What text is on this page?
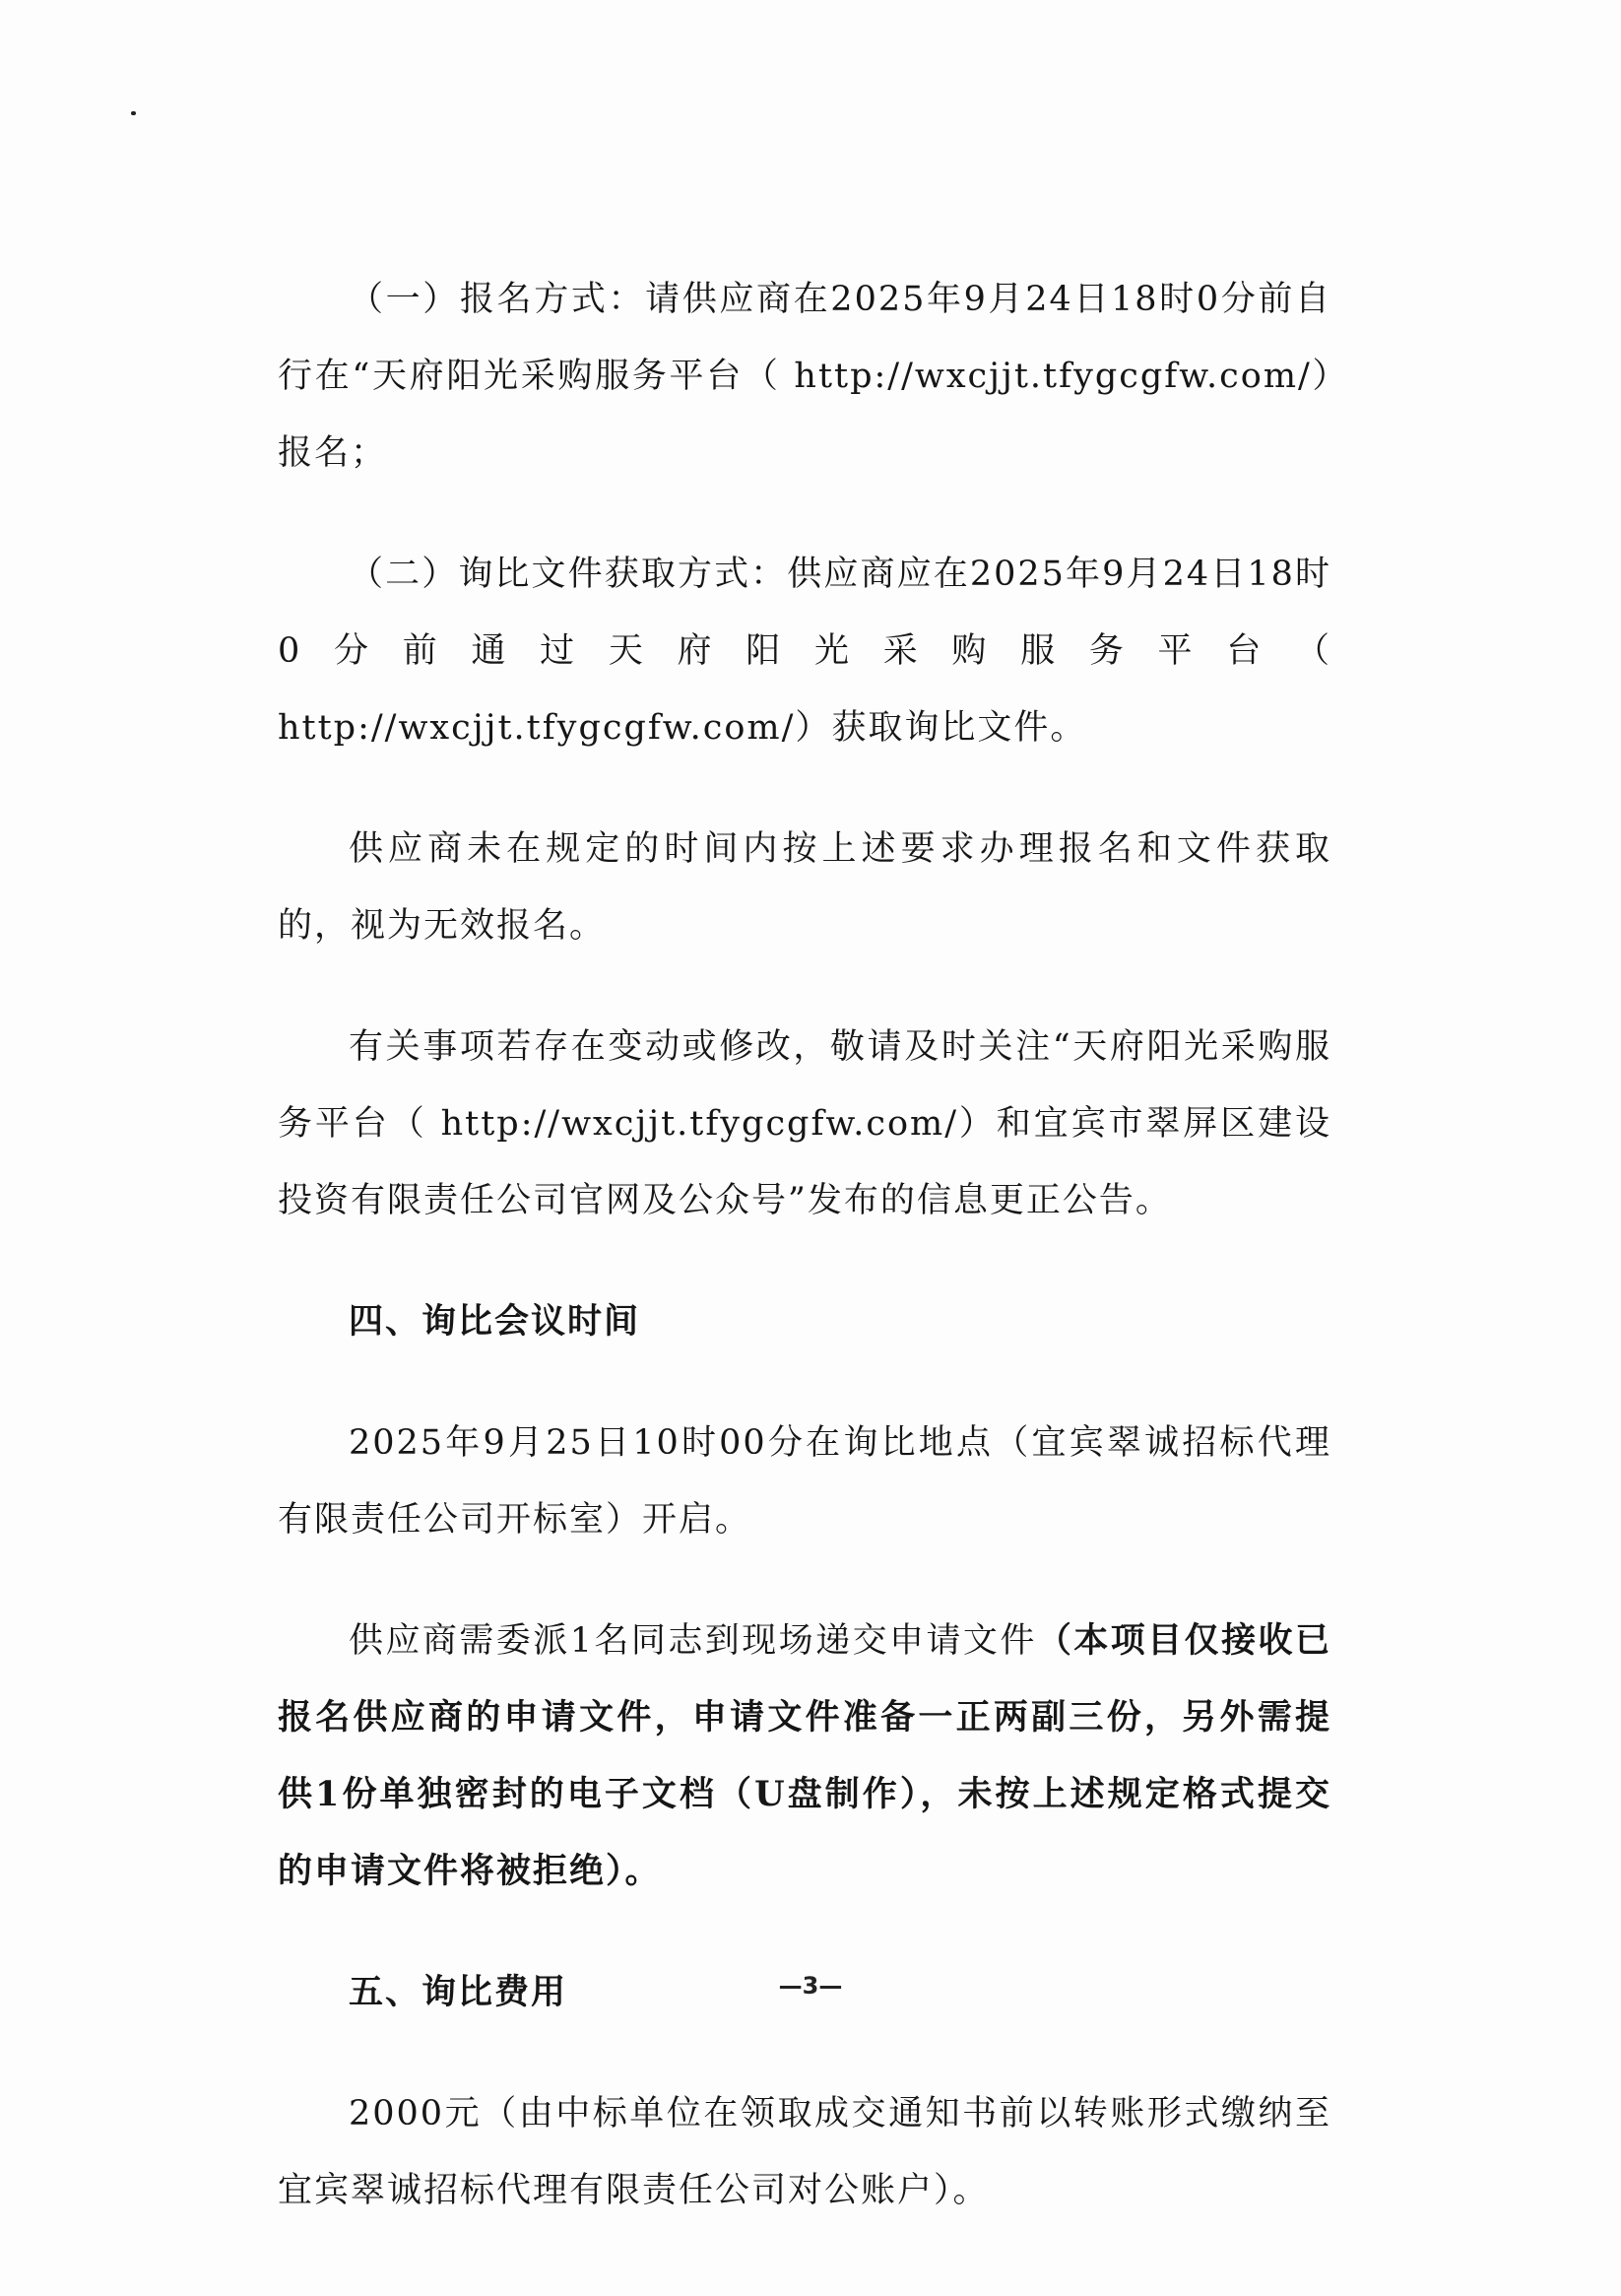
（一）报名方式：请供应商在2025年9月24日18时0分前自行在“天府阳光采购服务平台（ http://wxcjjt.tfygcgfw.com/）报名；

（二）询比文件获取方式：供应商应在2025年9月24日18时0分前通过天府阳光采购服务平台（ http://wxcjjt.tfygcgfw.com/）获取询比文件。

供应商未在规定的时间内按上述要求办理报名和文件获取的，视为无效报名。

有关事项若存在变动或修改，敬请及时关注“天府阳光采购服务平台（ http://wxcjjt.tfygcgfw.com/）和宜宾市翠屏区建设投资有限责任公司官网及公众号”发布的信息更正公告。

四、询比会议时间

2025年9月25日10时00分在询比地点（宜宾翠诚招标代理有限责任公司开标室）开启。

供应商需委派1名同志到现场递交申请文件（本项目仅接收已报名供应商的申请文件，申请文件准备一正两副三份，另外需提供1份单独密封的电子文档（U盘制作），未按上述规定格式提交的申请文件将被拒绝）。

五、询比费用

2000元（由中标单位在领取成交通知书前以转账形式缴纳至宜宾翠诚招标代理有限责任公司对公账户）。

—3—
